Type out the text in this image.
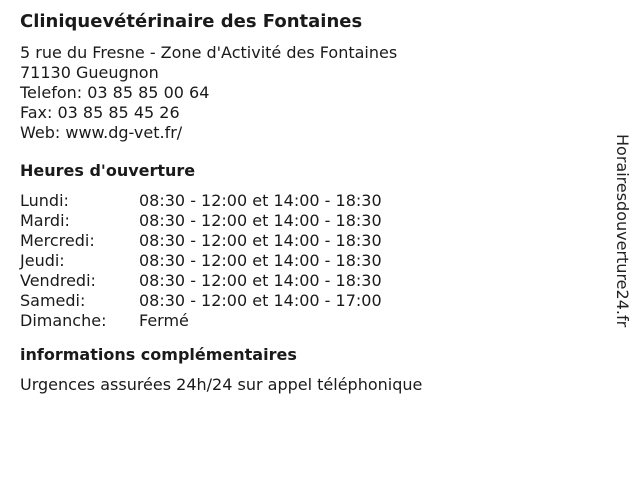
Cliniquevétérinaire des Fontaines
5 rue du Fresne - Zone d'Activité des Fontaines
71130 Gueugnon
Telefon: 03 85 85 00 64
Fax: 03 85 85 45 26
Web: www.dg-vet.fr/
Heures d'ouverture
Lundi:	08:30 - 12:00 et 14:00 - 18:30
Mardi:	08:30 - 12:00 et 14:00 - 18:30
Mercredi:	08:30 - 12:00 et 14:00 - 18:30
Jeudi:	08:30 - 12:00 et 14:00 - 18:30
Vendredi:	08:30 - 12:00 et 14:00 - 18:30
Samedi:	08:30 - 12:00 et 14:00 - 17:00
Dimanche:	Fermé
informations complémentaires
Urgences assurées 24h/24 sur appel téléphonique
Horairesdouverture24.fr
